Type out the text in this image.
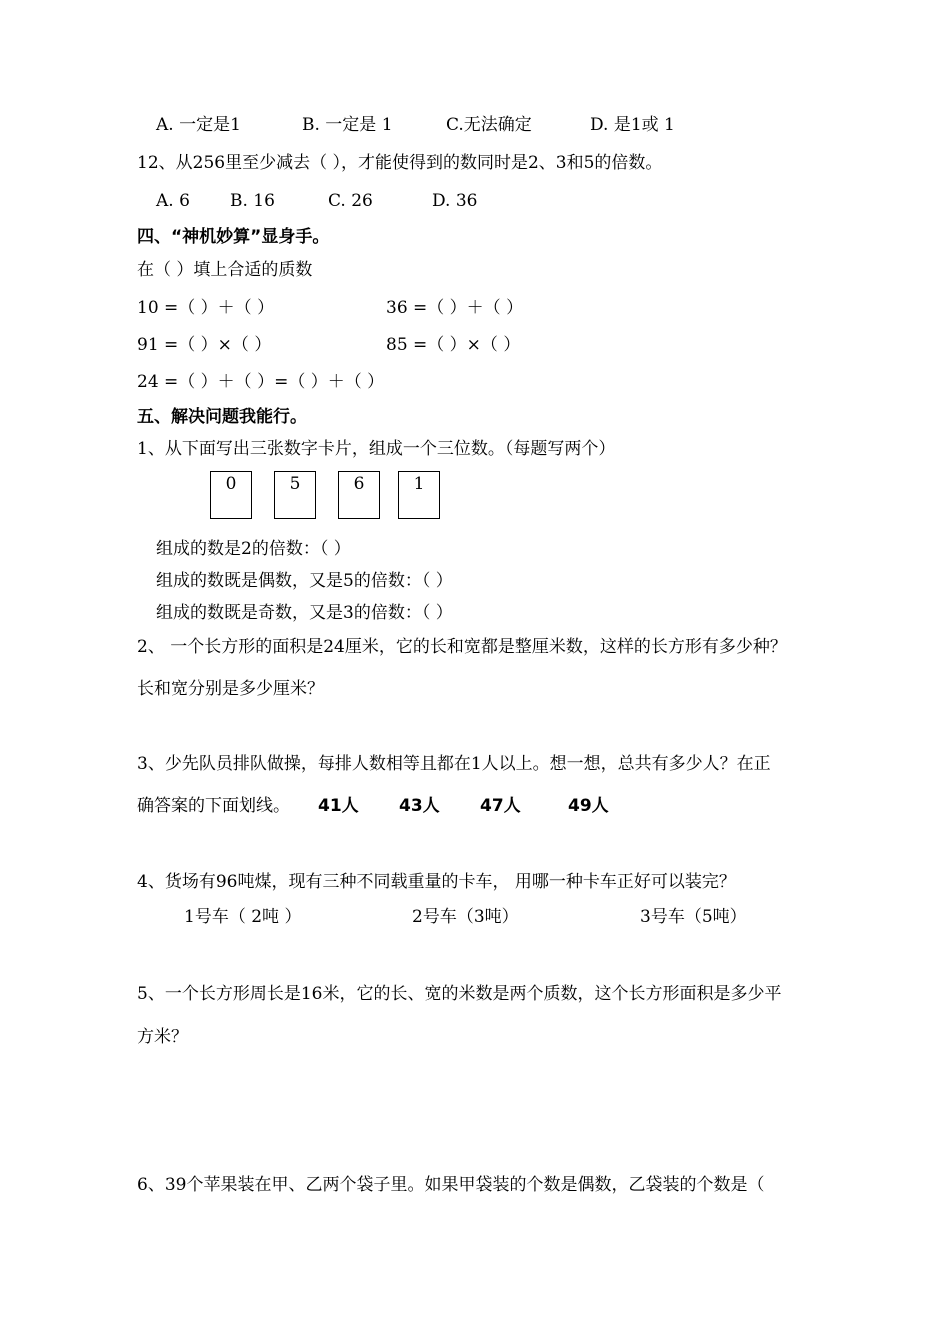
A. 一定是1	B. 一定是 1	C.无法确定	D. 是1或 1
12、从256里至少减去（ ），才能使得到的数同时是2、3和5的倍数。
A. 6 B. 16	C. 26	D. 36
四、“神机妙算”显身手。
在（ ）填上合适的质数
10 =（ ）＋（ ）	36 =（ ）＋（ ）
91 =（ ）×（ ）	85 =（ ）×（ ）
24 =（ ）＋（ ）=（ ）＋（ ）
五、解决问题我能行。
1、从下面写出三张数字卡片，组成一个三位数。（每题写两个）
0	5	6	1
组成的数是2的倍数：（ ）
组成的数既是偶数，又是5的倍数：（ ）
组成的数既是奇数，又是3的倍数：（ ）
2、 一个长方形的面积是24厘米，它的长和宽都是整厘米数，这样的长方形有多少种？
长和宽分别是多少厘米？
3、少先队员排队做操，每排人数相等且都在1人以上。想一想，总共有多少人？在正
确答案的下面划线。 41人 43人 47人	49人
4、货场有96吨煤，现有三种不同载重量的卡车， 用哪一种卡车正好可以装完？
1号车（ 2吨 ）	2号车（3吨）	3号车（5吨）
5、一个长方形周长是16米，它的长、宽的米数是两个质数，这个长方形面积是多少平
方米？
6、39个苹果装在甲、乙两个袋子里。如果甲袋装的个数是偶数，乙袋装的个数是（
